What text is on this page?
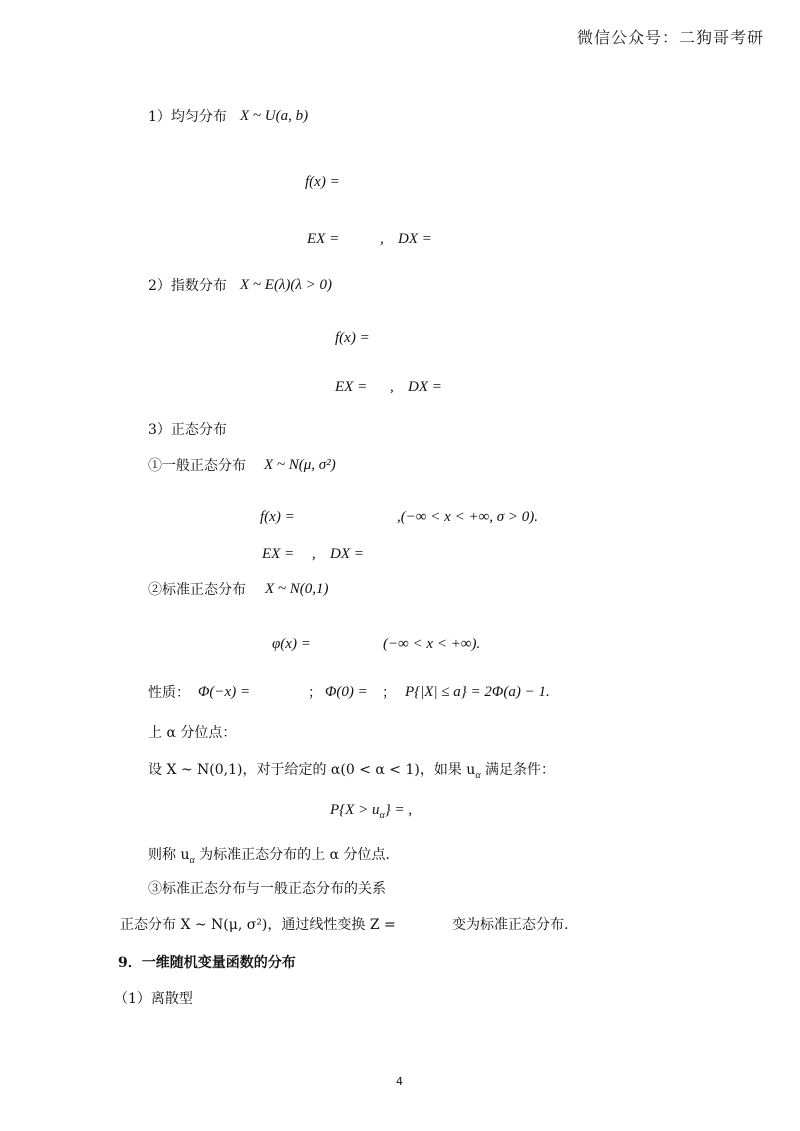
微信公众号：二狗哥考研
1）均匀分布 X ~ U(a, b)
f(x) =
EX =	, DX =
2）指数分布 X ~ E(λ)(λ > 0)
f(x) =
EX = , DX =
3）正态分布
①一般正态分布 X ~ N(μ, σ²)
f(x) =	,(−∞ < x < +∞, σ > 0).
EX = , DX =
②标准正态分布 X ~ N(0,1)
φ(x) =	(−∞ < x < +∞).
性质： Φ(−x) =	； Φ(0) = ； P{|X| ≤ a} = 2Φ(a) − 1.
上 α 分位点：
设 X ~ N(0,1)，对于给定的 α(0 < α < 1)，如果 $u_\alpha$ 满足条件：
$P\{X > u_\alpha\}$ = ,
则称 $u_\alpha$ 为标准正态分布的上 α 分位点.
③标准正态分布与一般正态分布的关系
正态分布 X ~ N(μ, σ²)，通过线性变换 Z =	变为标准正态分布.
9．一维随机变量函数的分布
（1）离散型
4
